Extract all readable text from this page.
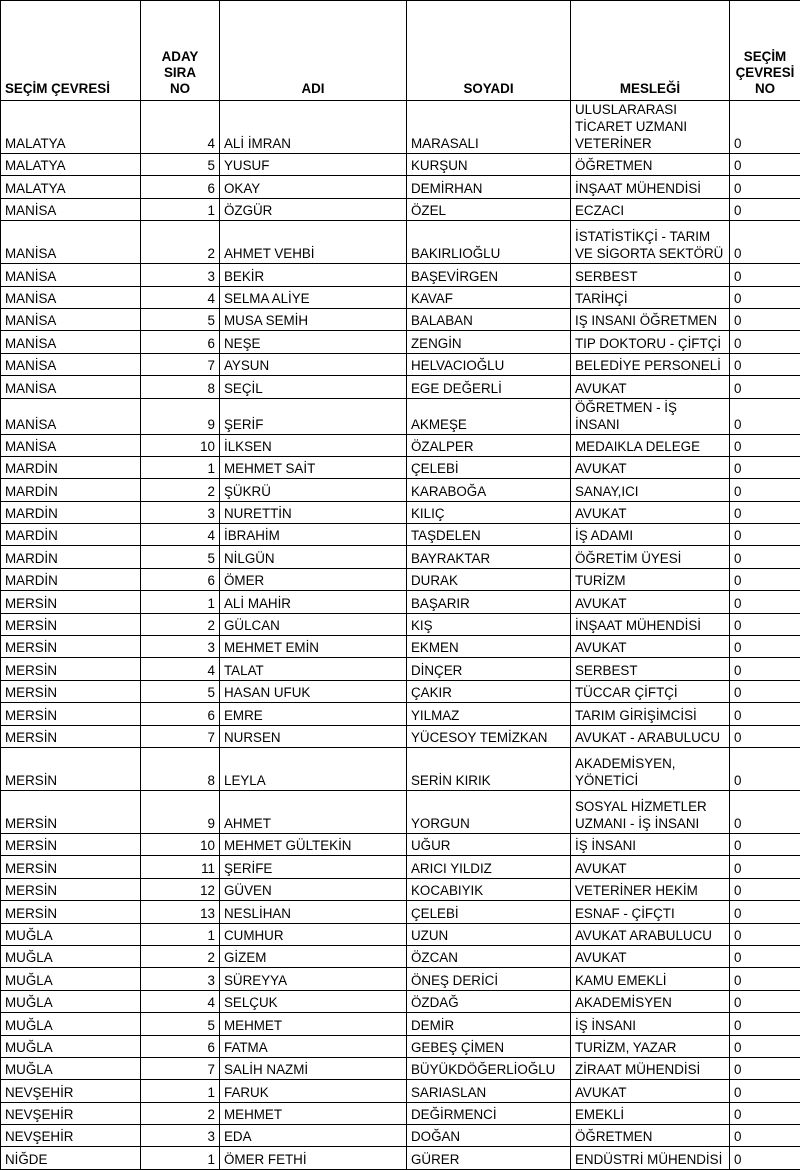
SEÇİM ÇEVRESİ	ADAY SIRA NO	ADI	SOYADI	MESLEĞİ	SEÇİM ÇEVRESİ NO
MALATYA	4	ALİ İMRAN	MARASALI	ULUSLARARASI TİCARET UZMANI VETERİNER	0
MALATYA	5	YUSUF	KURŞUN	ÖĞRETMEN	0
MALATYA	6	OKAY	DEMİRHAN	İNŞAAT MÜHENDİSİ	0
MANİSA	1	ÖZGÜR	ÖZEL	ECZACI	0
MANİSA	2	AHMET VEHBİ	BAKIRLIOĞLU	İSTATİSTİKÇİ - TARIM VE SİGORTA SEKTÖRÜ	0
MANİSA	3	BEKİR	BAŞEVİRGEN	SERBEST	0
MANİSA	4	SELMA ALİYE	KAVAF	TARİHÇİ	0
MANİSA	5	MUSA SEMİH	BALABAN	IŞ INSANI ÖĞRETMEN	0
MANİSA	6	NEŞE	ZENGİN	TIP DOKTORU - ÇİFTÇİ	0
MANİSA	7	AYSUN	HELVACIOĞLU	BELEDİYE PERSONELİ	0
MANİSA	8	SEÇİL	EGE DEĞERLİ	AVUKAT	0
MANİSA	9	ŞERİF	AKMEŞE	ÖĞRETMEN - İŞ İNSANI	0
MANİSA	10	İLKSEN	ÖZALPER	MEDAIKLA DELEGE	0
MARDİN	1	MEHMET SAİT	ÇELEBİ	AVUKAT	0
MARDİN	2	ŞÜKRÜ	KARABOĞA	SANAY,ICI	0
MARDİN	3	NURETTİN	KILIÇ	AVUKAT	0
MARDİN	4	İBRAHİM	TAŞDELEN	İŞ ADAMI	0
MARDİN	5	NİLGÜN	BAYRAKTAR	ÖĞRETİM ÜYESİ	0
MARDİN	6	ÖMER	DURAK	TURİZM	0
MERSİN	1	ALİ MAHİR	BAŞARIR	AVUKAT	0
MERSİN	2	GÜLCAN	KIŞ	İNŞAAT MÜHENDİSİ	0
MERSİN	3	MEHMET EMİN	EKMEN	AVUKAT	0
MERSİN	4	TALAT	DİNÇER	SERBEST	0
MERSİN	5	HASAN UFUK	ÇAKIR	TÜCCAR ÇİFTÇİ	0
MERSİN	6	EMRE	YILMAZ	TARIM GİRİŞİMCİSİ	0
MERSİN	7	NURSEN	YÜCESOY TEMİZKAN	AVUKAT - ARABULUCU	0
MERSİN	8	LEYLA	SERİN KIRIK	AKADEMİSYEN, YÖNETİCİ	0
MERSİN	9	AHMET	YORGUN	SOSYAL HİZMETLER UZMANI - İŞ İNSANI	0
MERSİN	10	MEHMET GÜLTEKİN	UĞUR	İŞ İNSANI	0
MERSİN	11	ŞERİFE	ARICI YILDIZ	AVUKAT	0
MERSİN	12	GÜVEN	KOCABIYIK	VETERİNER HEKİM	0
MERSİN	13	NESLİHAN	ÇELEBİ	ESNAF - ÇİFÇTI	0
MUĞLA	1	CUMHUR	UZUN	AVUKAT ARABULUCU	0
MUĞLA	2	GİZEM	ÖZCAN	AVUKAT	0
MUĞLA	3	SÜREYYA	ÖNEŞ DERİCİ	KAMU EMEKLİ	0
MUĞLA	4	SELÇUK	ÖZDAĞ	AKADEMİSYEN	0
MUĞLA	5	MEHMET	DEMİR	İŞ İNSANI	0
MUĞLA	6	FATMA	GEBEŞ ÇİMEN	TURİZM, YAZAR	0
MUĞLA	7	SALİH NAZMİ	BÜYÜKDÖĞERLİOĞLU	ZİRAAT MÜHENDİSİ	0
NEVŞEHİR	1	FARUK	SARIASLAN	AVUKAT	0
NEVŞEHİR	2	MEHMET	DEĞİRMENCİ	EMEKLİ	0
NEVŞEHİR	3	EDA	DOĞAN	ÖĞRETMEN	0
NİĞDE	1	ÖMER FETHİ	GÜRER	ENDÜSTRİ MÜHENDİSİ	0
